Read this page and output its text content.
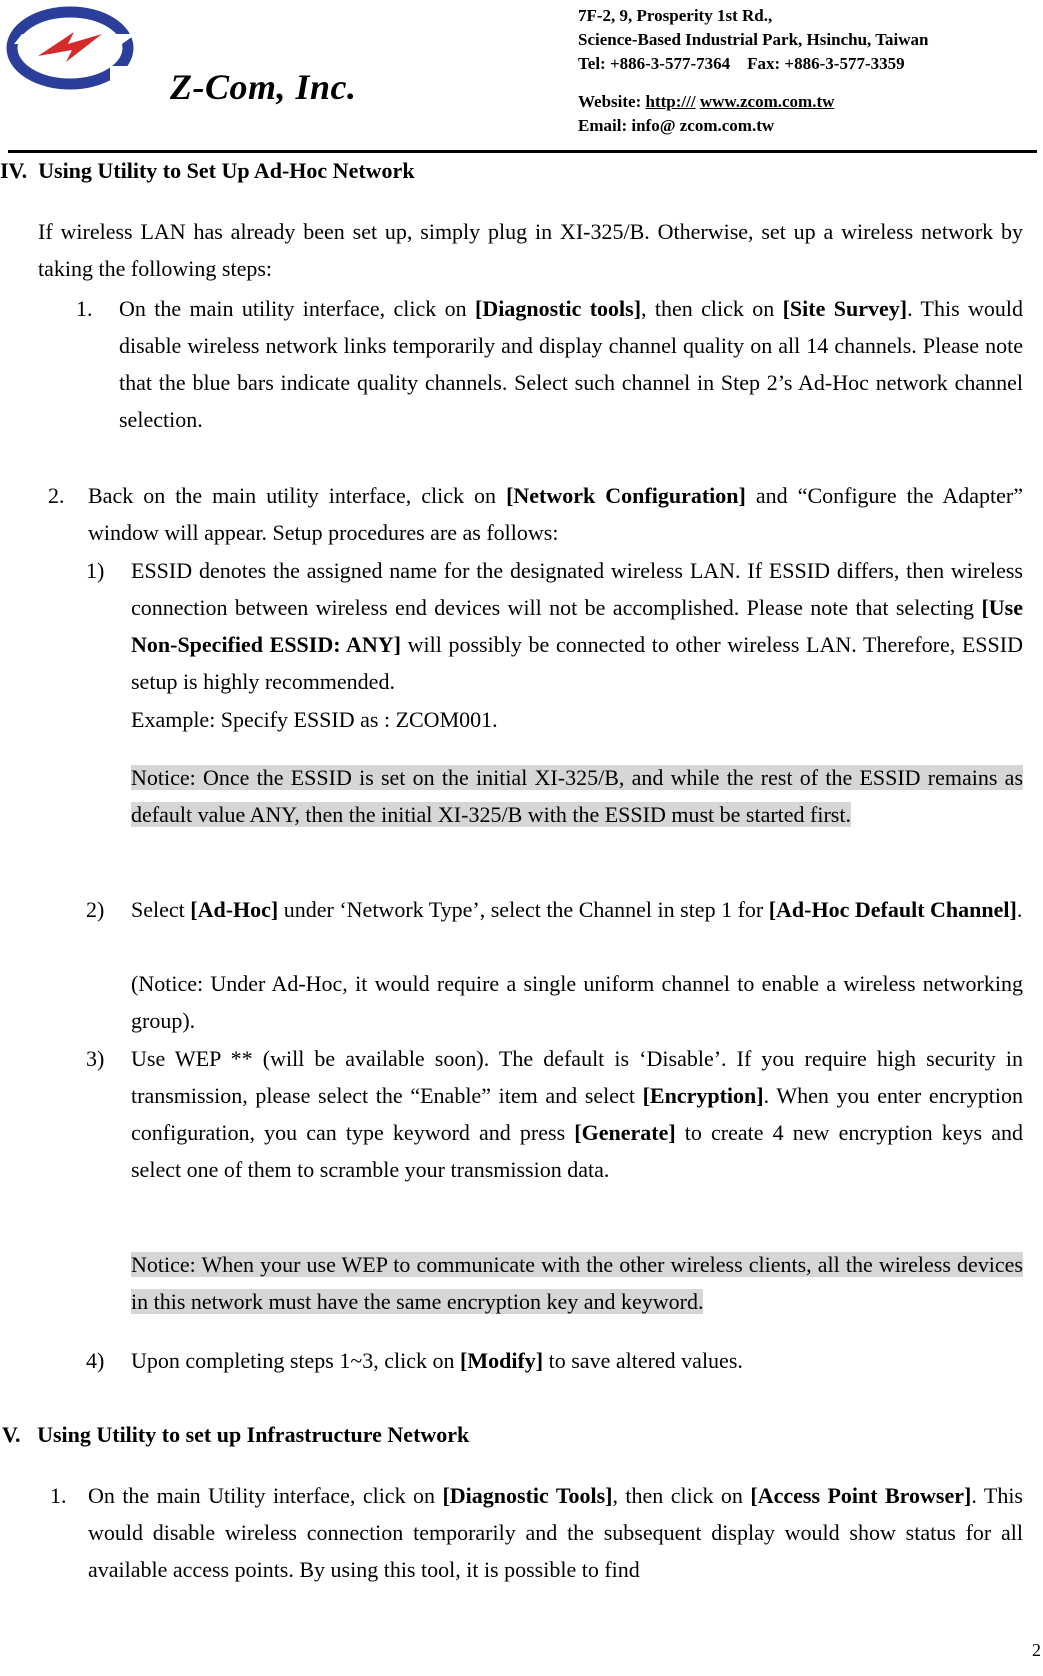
Z-Com, Inc.
7F-2, 9, Prosperity 1st Rd.,
Science-Based Industrial Park, Hsinchu, Taiwan
Tel: +886-3-577-7364 Fax: +886-3-577-3359
Website: http:/// www.zcom.com.tw
Email: info@ zcom.com.tw
IV. Using Utility to Set Up Ad-Hoc Network
If wireless LAN has already been set up, simply plug in XI-325/B. Otherwise, set up a wireless network by taking the following steps:
1. On the main utility interface, click on [Diagnostic tools], then click on [Site Survey]. This would disable wireless network links temporarily and display channel quality on all 14 channels. Please note that the blue bars indicate quality channels. Select such channel in Step 2’s Ad-Hoc network channel selection.
2. Back on the main utility interface, click on [Network Configuration] and “Configure the Adapter” window will appear. Setup procedures are as follows:
1) ESSID denotes the assigned name for the designated wireless LAN. If ESSID differs, then wireless connection between wireless end devices will not be accomplished. Please note that selecting [Use Non-Specified ESSID: ANY] will possibly be connected to other wireless LAN. Therefore, ESSID setup is highly recommended.
Example: Specify ESSID as : ZCOM001.
Notice: Once the ESSID is set on the initial XI-325/B, and while the rest of the ESSID remains as default value ANY, then the initial XI-325/B with the ESSID must be started first.
2) Select [Ad-Hoc] under ‘Network Type’, select the Channel in step 1 for [Ad-Hoc Default Channel].
(Notice: Under Ad-Hoc, it would require a single uniform channel to enable a wireless networking group).
3) Use WEP ** (will be available soon). The default is ‘Disable’. If you require high security in transmission, please select the “Enable” item and select [Encryption]. When you enter encryption configuration, you can type keyword and press [Generate] to create 4 new encryption keys and select one of them to scramble your transmission data.
Notice: When your use WEP to communicate with the other wireless clients, all the wireless devices in this network must have the same encryption key and keyword.
4) Upon completing steps 1~3, click on [Modify] to save altered values.
V. Using Utility to set up Infrastructure Network
1. On the main Utility interface, click on [Diagnostic Tools], then click on [Access Point Browser]. This would disable wireless connection temporarily and the subsequent display would show status for all available access points. By using this tool, it is possible to find
2
